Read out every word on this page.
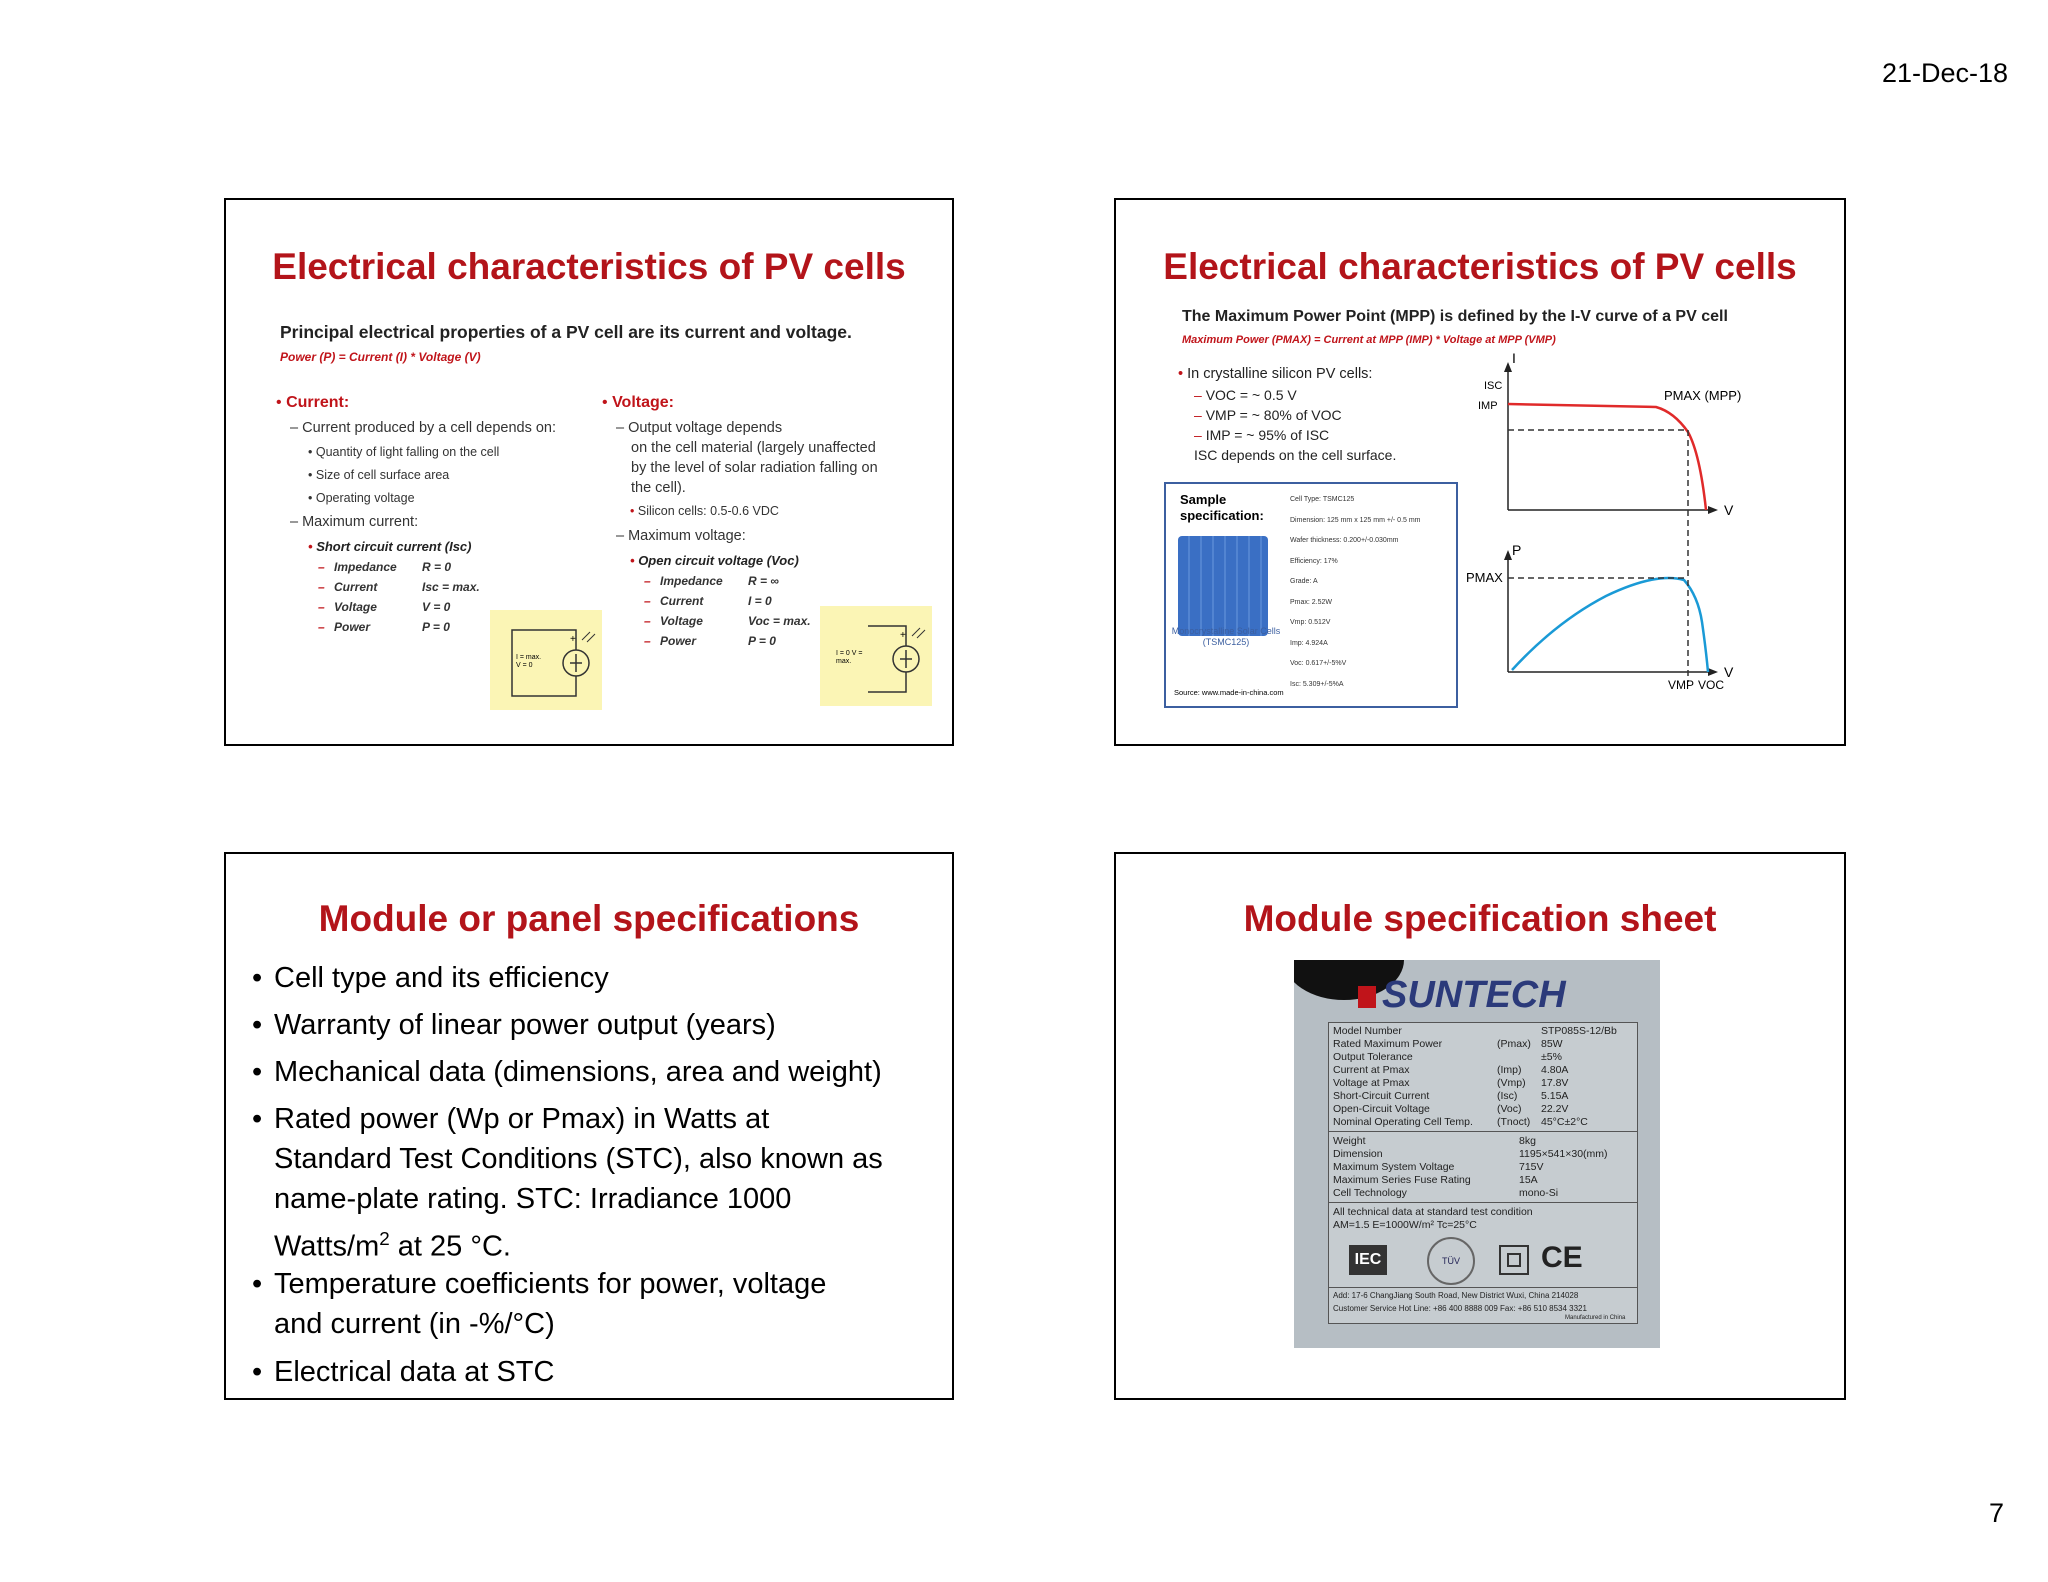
21-Dec-18
Electrical characteristics of PV cells
Principal electrical properties of a PV cell are its current and voltage.
Power (P) = Current (I) * Voltage (V)
• Current:
– Current produced by a cell depends on:
• Quantity of light falling on the cell
• Size of cell surface area
• Operating voltage
– Maximum current:
• Short circuit current (Isc)
– Impedance R = 0
– Current	Isc = max.
– Voltage	V = 0
– Power	P = 0
+
I = max. V = 0
• Voltage:
– Output voltage depends
on the cell material (largely unaffected
by the level of solar radiation falling on
the cell).
• Silicon cells: 0.5-0.6 VDC
– Maximum voltage:
• Open circuit voltage (Voc)
– Impedance R = ∞
– Current	I = 0
– Voltage	Voc = max.
– Power	P = 0	+
I = 0 V = max.
Electrical characteristics of PV cells
The Maximum Power Point (MPP) is defined by the I-V curve of a PV cell
Maximum Power (PMAX) = Current at MPP (IMP) * Voltage at MPP (VMP)
• In crystalline silicon PV cells:
– VOC = ~ 0.5 V
– VMP = ~ 80% of VOC
– IMP = ~ 95% of ISC
ISC depends on the cell surface.
Sample
specification:
Monocrystalline Solar Cells (TSMC125)
Source: www.made-in-china.com
Cell Type: TSMC125
Dimension: 125 mm x 125 mm +/- 0.5 mm
Wafer thickness: 0.200+/-0.030mm
Efficiency: 17%
Grade: A
Pmax: 2.52W
Vmp: 0.512V
Imp: 4.924A
Voc: 0.617+/-5%V
Isc: 5.309+/-5%A
I
ISC
IMP
PMAX (MPP)
V
P
PMAX
V
VMP VOC
Module or panel specifications
• Cell type and its efficiency
• Warranty of linear power output (years)
• Mechanical data (dimensions, area and weight)
• Rated power (Wp or Pmax) in Watts at
Standard Test Conditions (STC), also known as
name-plate rating. STC: Irradiance 1000
Watts/$m^2$ at 25 °C.
• Temperature coefficients for power, voltage
and current (in -%/°C)
• Electrical data at STC
Module specification sheet
SUNTECH
Model Number	STP085S-12/Bb
Rated Maximum Power	(Pmax) 85W
Output Tolerance	±5%
Current at Pmax	(Imp) 4.80A
Voltage at Pmax	(Vmp) 17.8V
Short-Circuit Current	(Isc) 5.15A
Open-Circuit Voltage	(Voc) 22.2V
Nominal Operating Cell Temp. (Tnoct) 45°C±2°C
Weight	8kg
Dimension	1195×541×30(mm)
Maximum System Voltage	715V
Maximum Series Fuse Rating	15A
Cell Technology	mono-Si
All technical data at standard test condition
AM=1.5 E=1000W/m² Tc=25°C
IEC	TÜV	CE
Add: 17-6 ChangJiang South Road, New District Wuxi, China 214028
Customer Service Hot Line: +86 400 8888 009 Fax: +86 510 8534 3321
Manufactured in China
7
